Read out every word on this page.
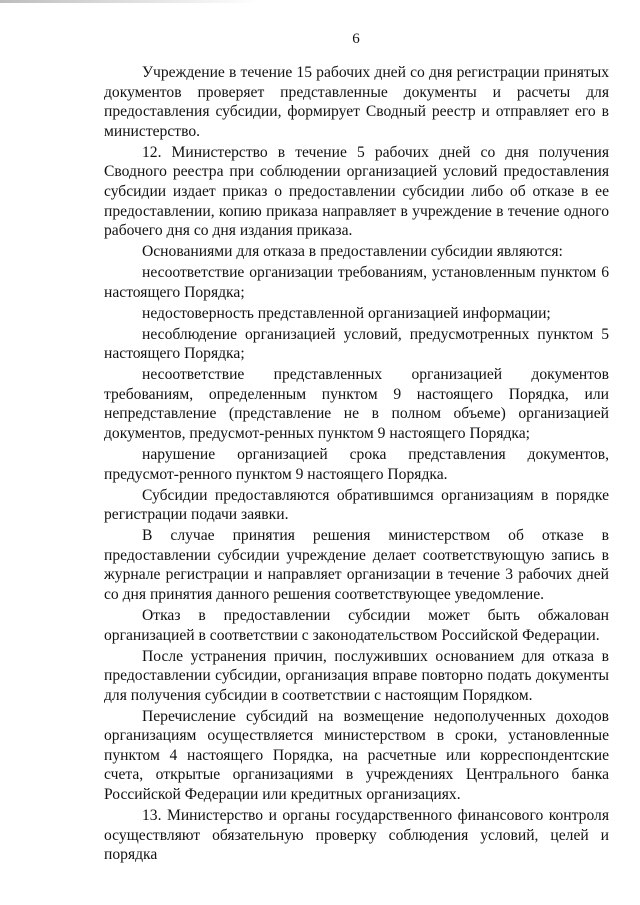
6

Учреждение в течение 15 рабочих дней со дня регистрации принятых документов проверяет представленные документы и расчеты для предоставления субсидии, формирует Сводный реестр и отправляет его в министерство.

12. Министерство в течение 5 рабочих дней со дня получения Сводного реестра при соблюдении организацией условий предоставления субсидии издает приказ о предоставлении субсидии либо об отказе в ее предоставлении, копию приказа направляет в учреждение в течение одного рабочего дня со дня издания приказа.

Основаниями для отказа в предоставлении субсидии являются:

несоответствие организации требованиям, установленным пунктом 6 настоящего Порядка;

недостоверность представленной организацией информации;

несоблюдение организацией условий, предусмотренных пунктом 5 настоящего Порядка;

несоответствие представленных организацией документов требованиям, определенным пунктом 9 настоящего Порядка, или непредставление (представление не в полном объеме) организацией документов, предусмот-ренных пунктом 9 настоящего Порядка;

нарушение организацией срока представления документов, предусмот-ренного пунктом 9 настоящего Порядка.

Субсидии предоставляются обратившимся организациям в порядке регистрации подачи заявки.

В случае принятия решения министерством об отказе в предоставлении субсидии учреждение делает соответствующую запись в журнале регистрации и направляет организации в течение 3 рабочих дней со дня принятия данного решения соответствующее уведомление.

Отказ в предоставлении субсидии может быть обжалован организацией в соответствии с законодательством Российской Федерации.

После устранения причин, послуживших основанием для отказа в предоставлении субсидии, организация вправе повторно подать документы для получения субсидии в соответствии с настоящим Порядком.

Перечисление субсидий на возмещение недополученных доходов организациям осуществляется министерством в сроки, установленные пунктом 4 настоящего Порядка, на расчетные или корреспондентские счета, открытые организациями в учреждениях Центрального банка Российской Федерации или кредитных организациях.

13. Министерство и органы государственного финансового контроля осуществляют обязательную проверку соблюдения условий, целей и порядка
